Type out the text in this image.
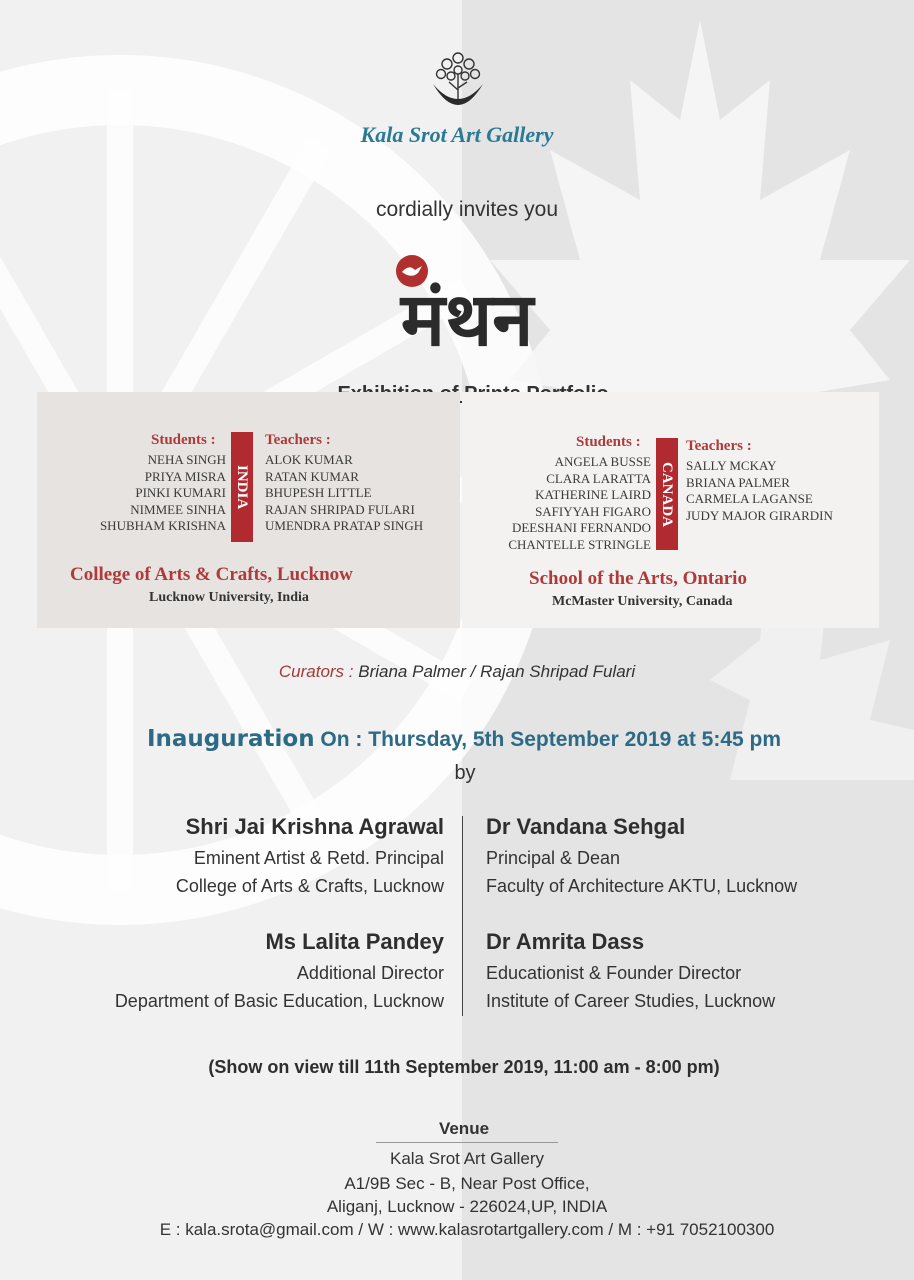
Kala Srot Art Gallery
cordially invites you
मंथन
Students :
NEHA SINGH
PRIYA MISRA
PINKI KUMARI
NIMMEE SINHA
SHUBHAM KRISHNA
INDIA
Teachers :
ALOK KUMAR
RATAN KUMAR
BHUPESH LITTLE
RAJAN SHRIPAD FULARI
UMENDRA PRATAP SINGH
College of Arts & Crafts, Lucknow
Lucknow University, India
Students :
ANGELA BUSSE
CLARA LARATTA
KATHERINE LAIRD
SAFIYYAH FIGARO
DEESHANI FERNANDO
CHANTELLE STRINGLE
CANADA
Teachers :
SALLY MCKAY
BRIANA PALMER
CARMELA LAGANSE
JUDY MAJOR GIRARDIN
School of the Arts, Ontario
McMaster University, Canada
Curators : Briana Palmer / Rajan Shripad Fulari
Inauguration On : Thursday, 5th September 2019 at 5:45 pm
by
Shri Jai Krishna Agrawal
Eminent Artist & Retd. Principal
College of Arts & Crafts, Lucknow
Ms Lalita Pandey
Additional Director
Department of Basic Education, Lucknow
Dr Vandana Sehgal
Principal & Dean
Faculty of Architecture AKTU, Lucknow
Dr Amrita Dass
Educationist & Founder Director
Institute of Career Studies, Lucknow
(Show on view till 11th September 2019, 11:00 am - 8:00 pm)
Venue
Kala Srot Art Gallery
A1/9B Sec - B, Near Post Office,
Aliganj, Lucknow - 226024,UP, INDIA
E : kala.srota@gmail.com / W : www.kalasrotartgallery.com / M : +91 7052100300
